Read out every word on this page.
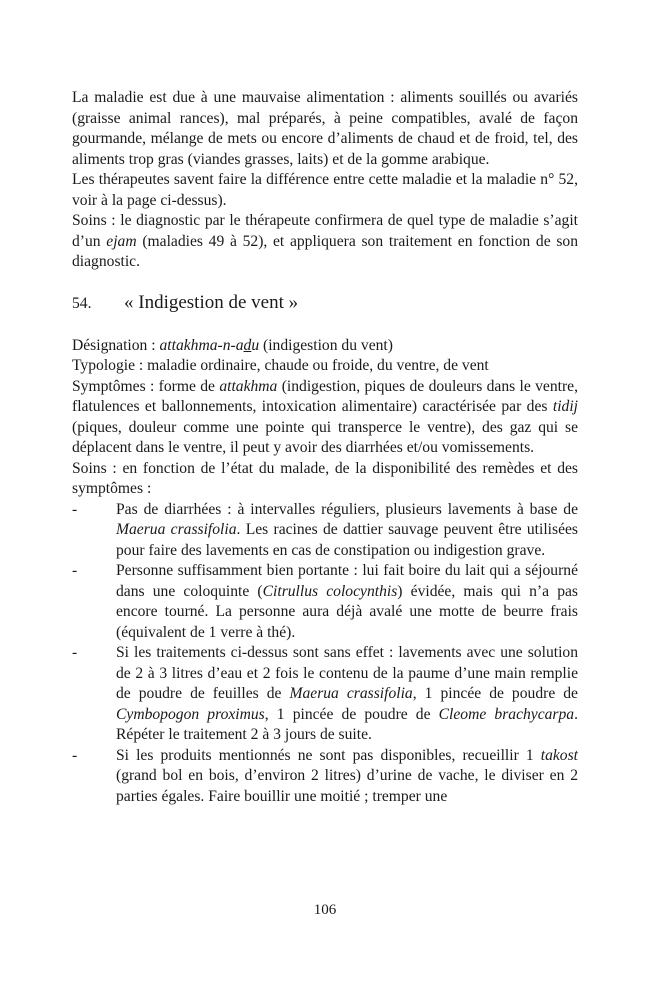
La maladie est due à une mauvaise alimentation : aliments souillés ou avariés (graisse animal rances), mal préparés, à peine compatibles, avalé de façon gourmande, mélange de mets ou encore d’aliments de chaud et de froid, tel, des aliments trop gras (viandes grasses, laits) et de la gomme arabique.

Les thérapeutes savent faire la différence entre cette maladie et la maladie n° 52, voir à la page ci-dessus).

Soins : le diagnostic par le thérapeute confirmera de quel type de maladie s’agit d’un ejam (maladies 49 à 52), et appliquera son traitement en fonction de son diagnostic.

54. « Indigestion de vent »

Désignation : attakhma-n-adu (indigestion du vent)

Typologie : maladie ordinaire, chaude ou froide, du ventre, de vent

Symptômes : forme de attakhma (indigestion, piques de douleurs dans le ventre, flatulences et ballonnements, intoxication alimentaire) caractérisée par des tidij (piques, douleur comme une pointe qui transperce le ventre), des gaz qui se déplacent dans le ventre, il peut y avoir des diarrhées et/ou vomissements.

Soins : en fonction de l’état du malade, de la disponibilité des remèdes et des symptômes :

- Pas de diarrhées : à intervalles réguliers, plusieurs lavements à base de Maerua crassifolia. Les racines de dattier sauvage peuvent être utilisées pour faire des lavements en cas de constipation ou indigestion grave.
- Personne suffisamment bien portante : lui fait boire du lait qui a séjourné dans une coloquinte (Citrullus colocynthis) évidée, mais qui n’a pas encore tourné. La personne aura déjà avalé une motte de beurre frais (équivalent de 1 verre à thé).
- Si les traitements ci-dessus sont sans effet : lavements avec une solution de 2 à 3 litres d’eau et 2 fois le contenu de la paume d’une main remplie de poudre de feuilles de Maerua crassifolia, 1 pincée de poudre de Cymbopogon proximus, 1 pincée de poudre de Cleome brachycarpa. Répéter le traitement 2 à 3 jours de suite.
- Si les produits mentionnés ne sont pas disponibles, recueillir 1 takost (grand bol en bois, d’environ 2 litres) d’urine de vache, le diviser en 2 parties égales. Faire bouillir une moitié ; tremper une
106
